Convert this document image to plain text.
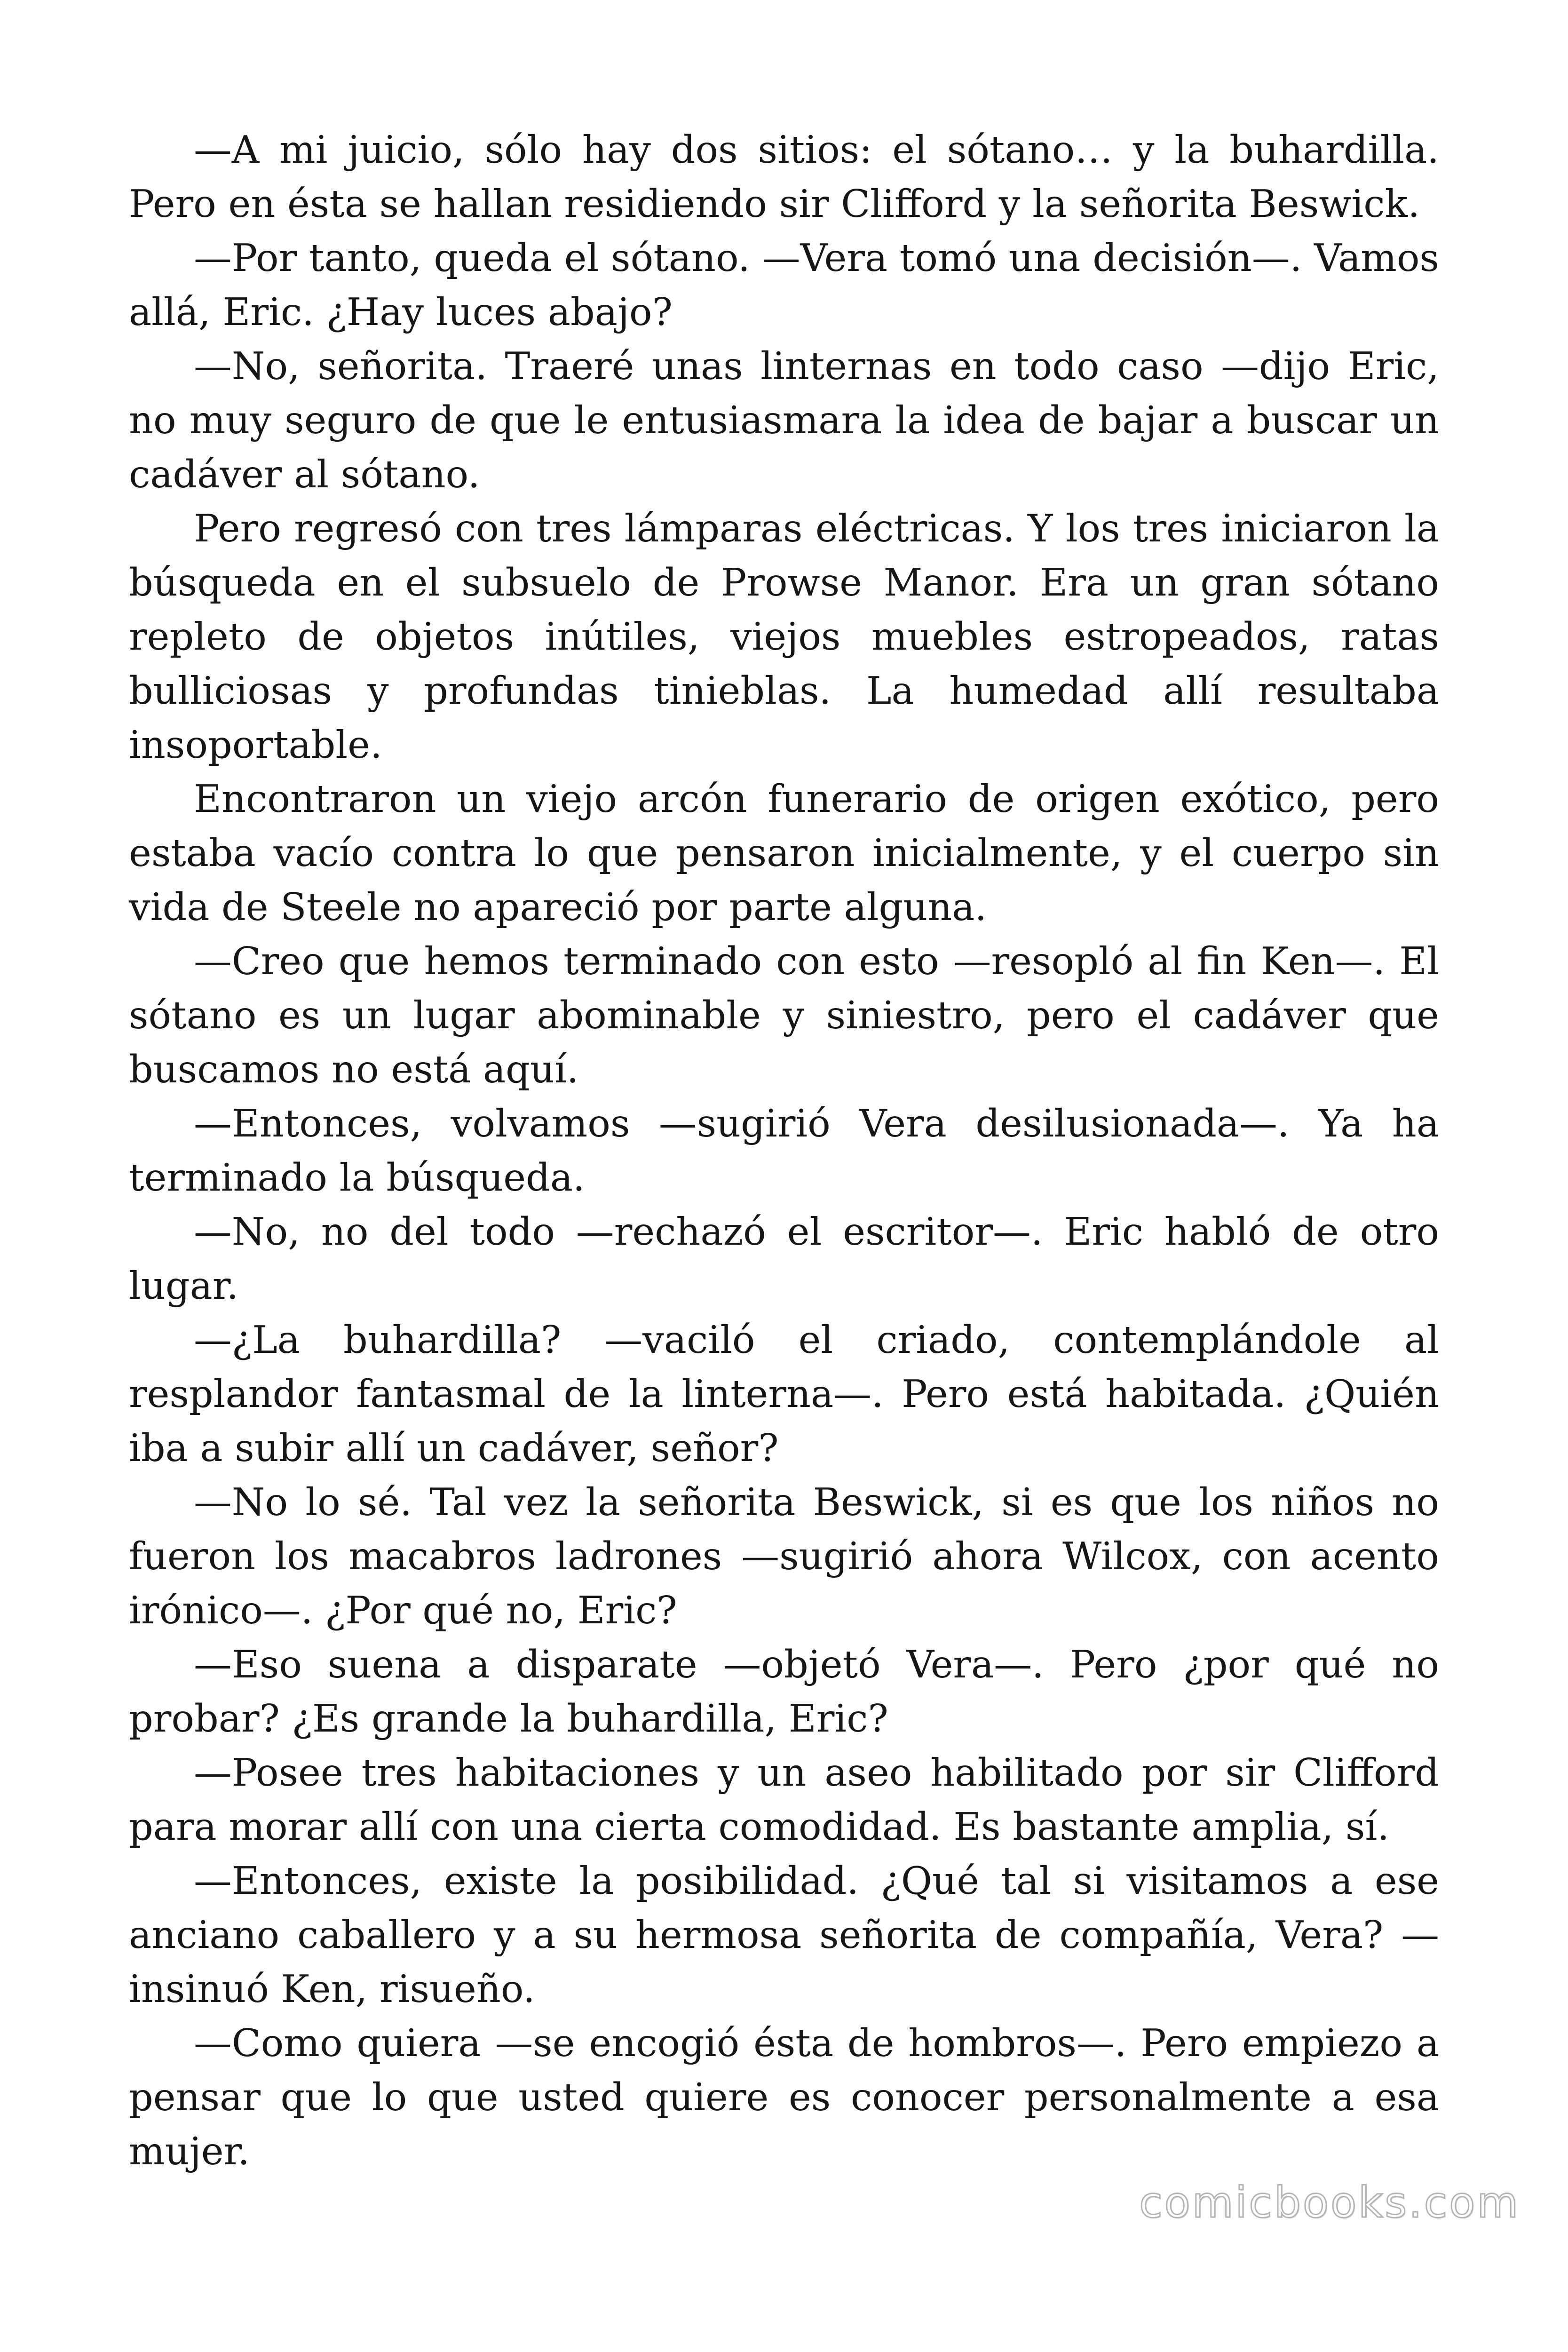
—A mi juicio, sólo hay dos sitios: el sótano… y la buhardilla. Pero en ésta se hallan residiendo sir Clifford y la señorita Beswick.

—Por tanto, queda el sótano. —Vera tomó una decisión—. Vamos allá, Eric. ¿Hay luces abajo?

—No, señorita. Traeré unas linternas en todo caso —dijo Eric, no muy seguro de que le entusiasmara la idea de bajar a buscar un cadáver al sótano.

Pero regresó con tres lámparas eléctricas. Y los tres iniciaron la búsqueda en el subsuelo de Prowse Manor. Era un gran sótano repleto de objetos inútiles, viejos muebles estropeados, ratas bulliciosas y profundas tinieblas. La humedad allí resultaba insoportable.

Encontraron un viejo arcón funerario de origen exótico, pero estaba vacío contra lo que pensaron inicialmente, y el cuerpo sin vida de Steele no apareció por parte alguna.

—Creo que hemos terminado con esto —resopló al fin Ken—. El sótano es un lugar abominable y siniestro, pero el cadáver que buscamos no está aquí.

—Entonces, volvamos —sugirió Vera desilusionada—. Ya ha terminado la búsqueda.

—No, no del todo —rechazó el escritor—. Eric habló de otro lugar.

—¿La buhardilla? —vaciló el criado, contemplándole al resplandor fantasmal de la linterna—. Pero está habitada. ¿Quién iba a subir allí un cadáver, señor?

—No lo sé. Tal vez la señorita Beswick, si es que los niños no fueron los macabros ladrones —sugirió ahora Wilcox, con acento irónico—. ¿Por qué no, Eric?

—Eso suena a disparate —objetó Vera—. Pero ¿por qué no probar? ¿Es grande la buhardilla, Eric?

—Posee tres habitaciones y un aseo habilitado por sir Clifford para morar allí con una cierta comodidad. Es bastante amplia, sí.

—Entonces, existe la posibilidad. ¿Qué tal si visitamos a ese anciano caballero y a su hermosa señorita de compañía, Vera? —insinuó Ken, risueño.

—Como quiera —se encogió ésta de hombros—. Pero empiezo a pensar que lo que usted quiere es conocer personalmente a esa mujer.

comicbooks.com
